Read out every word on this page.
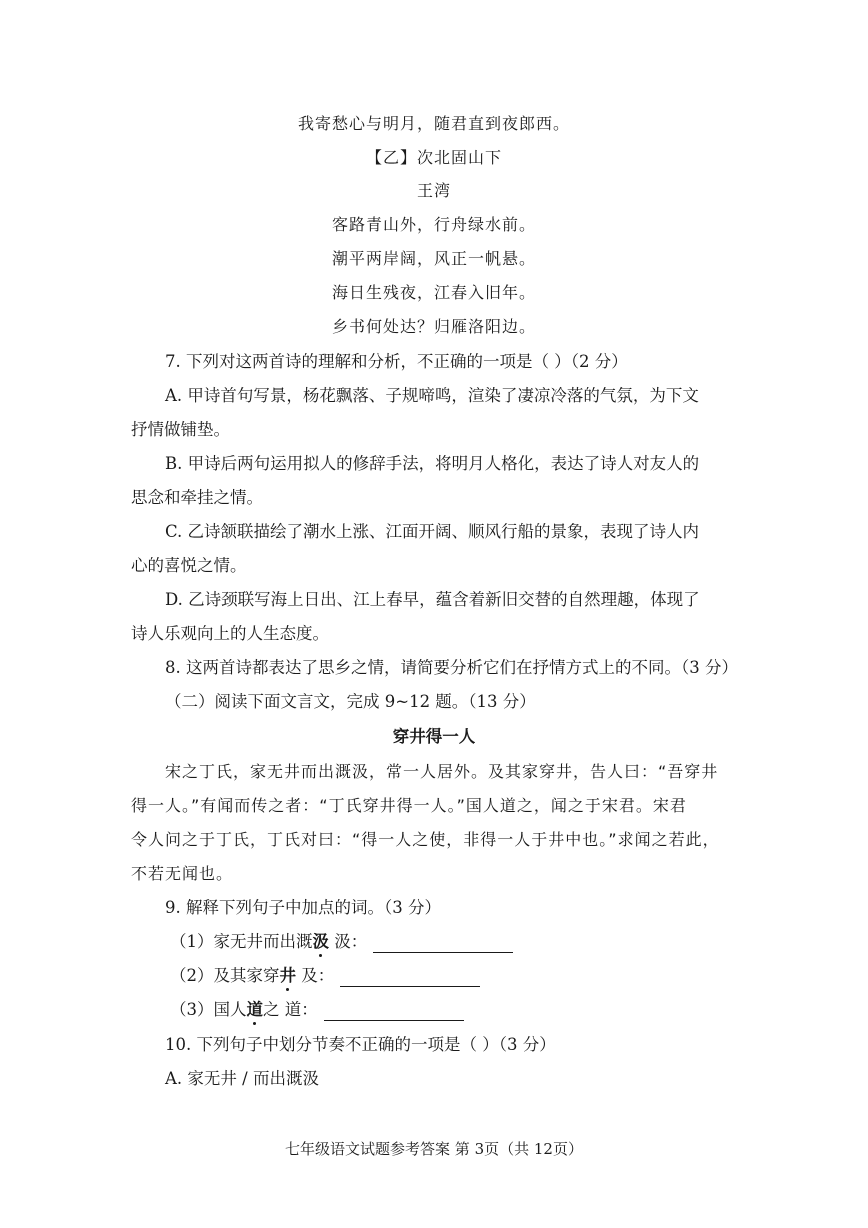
我寄愁心与明月，随君直到夜郎西。
【乙】次北固山下
王湾
客路青山外，行舟绿水前。
潮平两岸阔，风正一帆悬。
海日生残夜，江春入旧年。
乡书何处达？归雁洛阳边。
7. 下列对这两首诗的理解和分析，不正确的一项是（ ）（2 分）
A. 甲诗首句写景，杨花飘落、子规啼鸣，渲染了凄凉冷落的气氛，为下文
抒情做铺垫。
B. 甲诗后两句运用拟人的修辞手法，将明月人格化，表达了诗人对友人的
思念和牵挂之情。
C. 乙诗颔联描绘了潮水上涨、江面开阔、顺风行船的景象，表现了诗人内
心的喜悦之情。
D. 乙诗颈联写海上日出、江上春早，蕴含着新旧交替的自然理趣，体现了
诗人乐观向上的人生态度。
8. 这两首诗都表达了思乡之情，请简要分析它们在抒情方式上的不同。（3 分）
（二）阅读下面文言文，完成 9~12 题。（13 分）
穿井得一人
宋之丁氏，家无井而出溉汲，常一人居外。及其家穿井，告人曰：“吾穿井
得一人。”有闻而传之者：“丁氏穿井得一人。”国人道之，闻之于宋君。宋君
令人问之于丁氏，丁氏对曰：“得一人之使，非得一人于井中也。”求闻之若此，
不若无闻也。
9. 解释下列句子中加点的词。（3 分）
（1）家无井而出溉汲 汲：
（2）及其家穿井 及：
（3）国人道之 道：
10. 下列句子中划分节奏不正确的一项是（ ）（3 分）
A. 家无井 / 而出溉汲
七年级语文试题参考答案 第 3页（共 12页）
